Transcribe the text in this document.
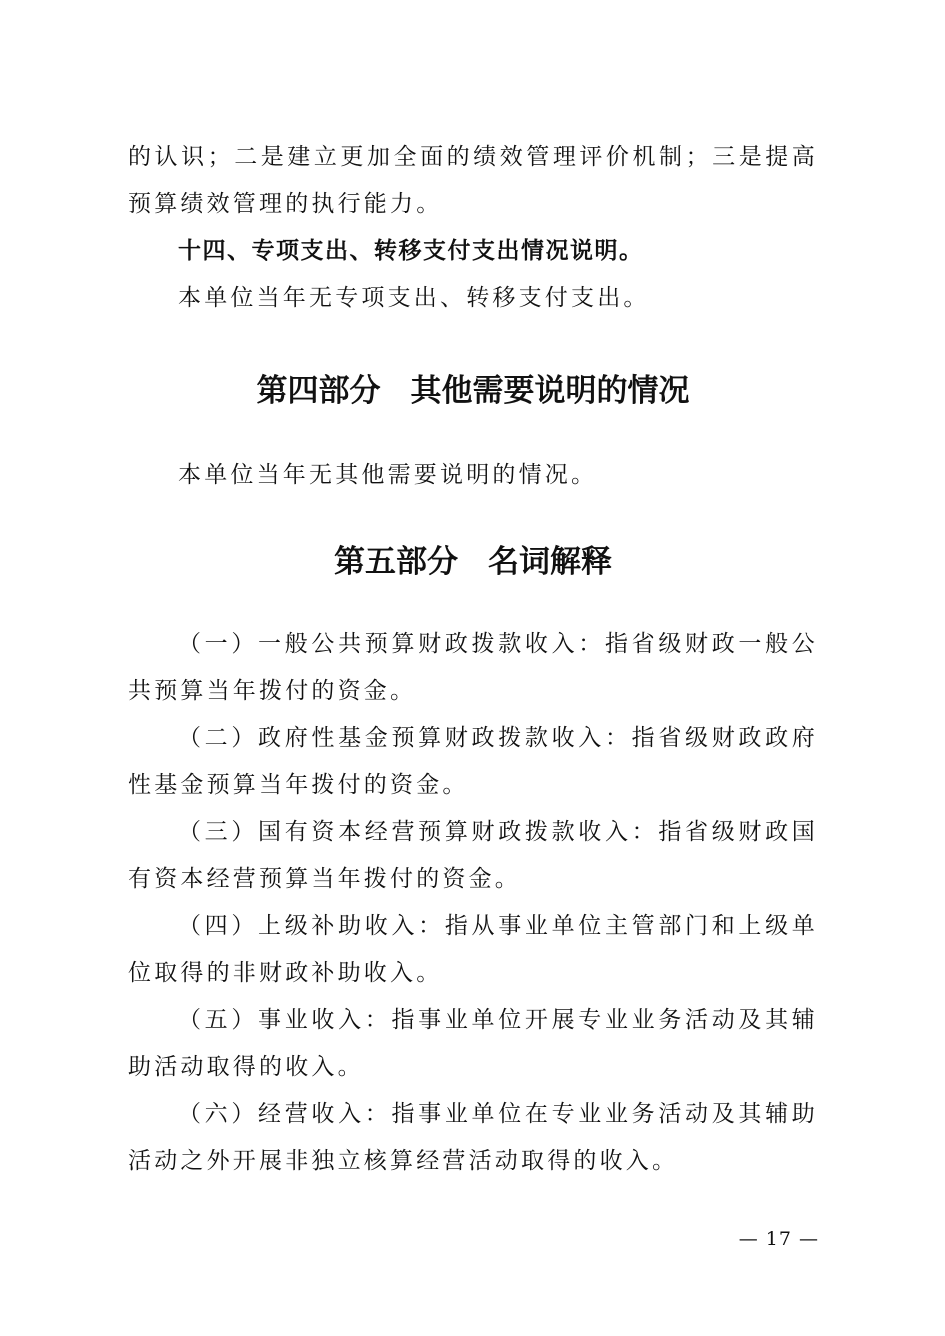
的认识；二是建立更加全面的绩效管理评价机制；三是提高预算绩效管理的执行能力。

十四、专项支出、转移支付支出情况说明。

本单位当年无专项支出、转移支付支出。

第四部分 其他需要说明的情况

本单位当年无其他需要说明的情况。

第五部分 名词解释

（一）一般公共预算财政拨款收入：指省级财政一般公共预算当年拨付的资金。

（二）政府性基金预算财政拨款收入：指省级财政政府性基金预算当年拨付的资金。

（三）国有资本经营预算财政拨款收入：指省级财政国有资本经营预算当年拨付的资金。

（四）上级补助收入：指从事业单位主管部门和上级单位取得的非财政补助收入。

（五）事业收入：指事业单位开展专业业务活动及其辅助活动取得的收入。

（六）经营收入：指事业单位在专业业务活动及其辅助活动之外开展非独立核算经营活动取得的收入。

— 17 —
